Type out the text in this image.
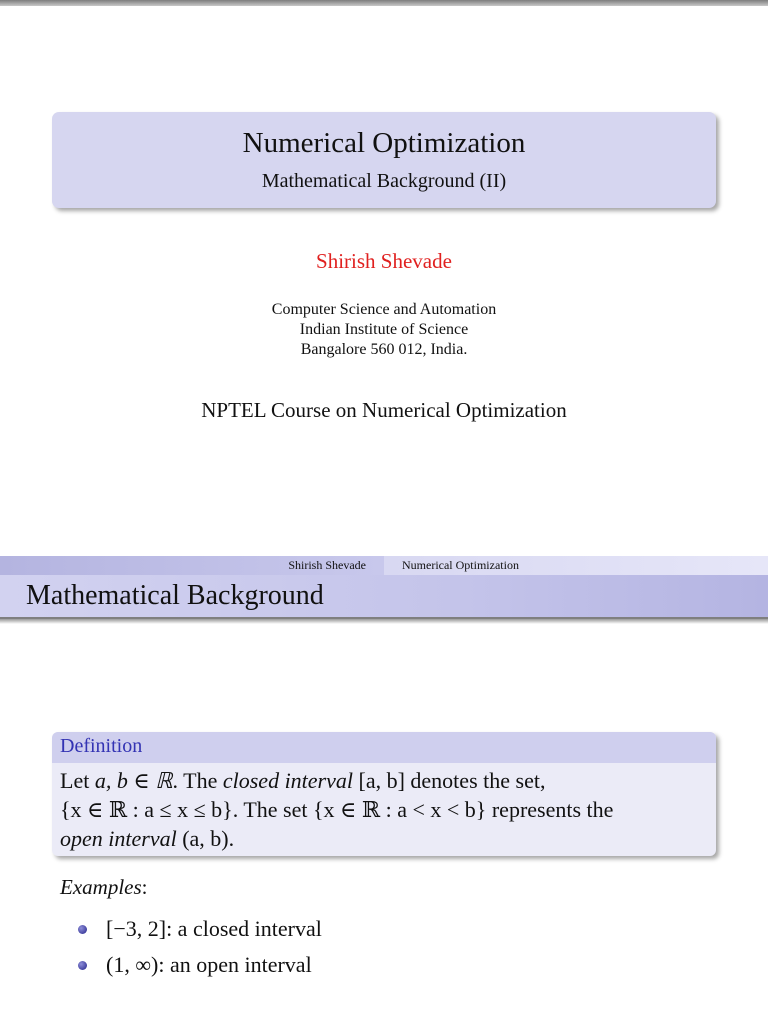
Numerical Optimization
Mathematical Background (II)
Shirish Shevade
Computer Science and Automation
Indian Institute of Science
Bangalore 560 012, India.
NPTEL Course on Numerical Optimization
Shirish Shevade	Numerical Optimization
Mathematical Background
Definition
Let a, b ∈ ℝ. The closed interval [a, b] denotes the set,
{x ∈ ℝ : a ≤ x ≤ b}. The set {x ∈ ℝ : a < x < b} represents the
open interval (a, b).
Examples:
[−3, 2]: a closed interval
(1, ∞): an open interval
